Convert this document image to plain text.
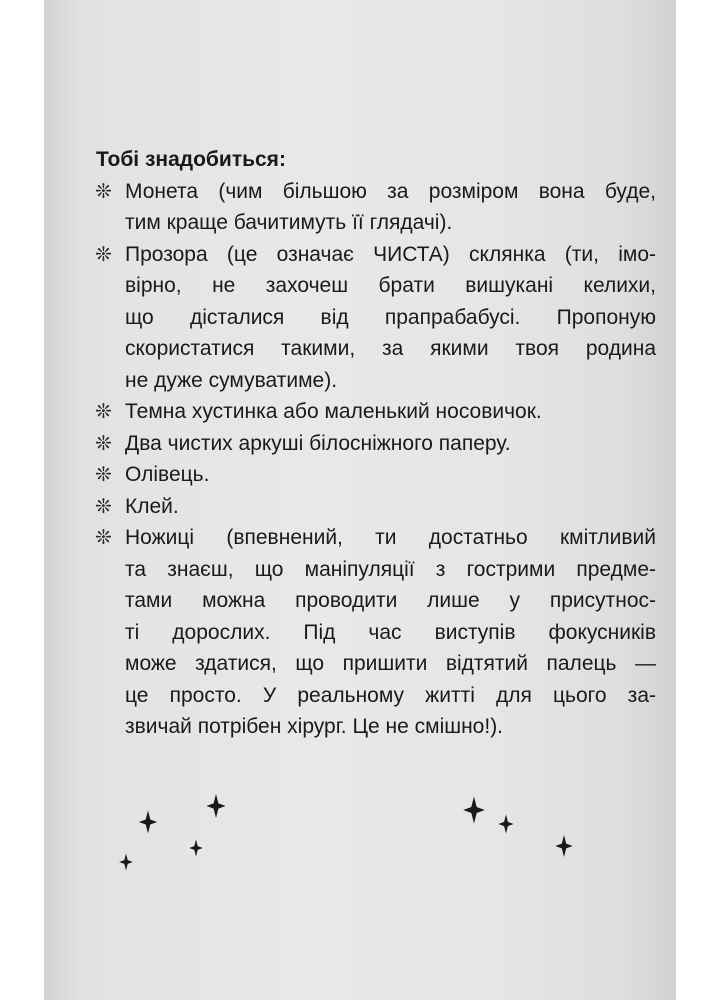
Тобі знадобиться:

❊ Монета (чим більшою за розміром вона буде,
тим краще бачитимуть її глядачі).
❊ Прозора (це означає ЧИСТА) склянка (ти, імо-
вірно, не захочеш брати вишукані келихи,
що дісталися від прапрабабусі. Пропоную
скористатися такими, за якими твоя родина
не дуже сумуватиме).
❊ Темна хустинка або маленький носовичок.
❊ Два чистих аркуші білосніжного паперу.
❊ Олівець.
❊ Клей.
❊ Ножиці (впевнений, ти достатньо кмітливий
та знаєш, що маніпуляції з гострими предме-
тами можна проводити лише у присутнос-
ті дорослих. Під час виступів фокусників
може здатися, що пришити відтятий палець —
це просто. У реальному житті для цього за-
звичай потрібен хірург. Це не смішно!).
